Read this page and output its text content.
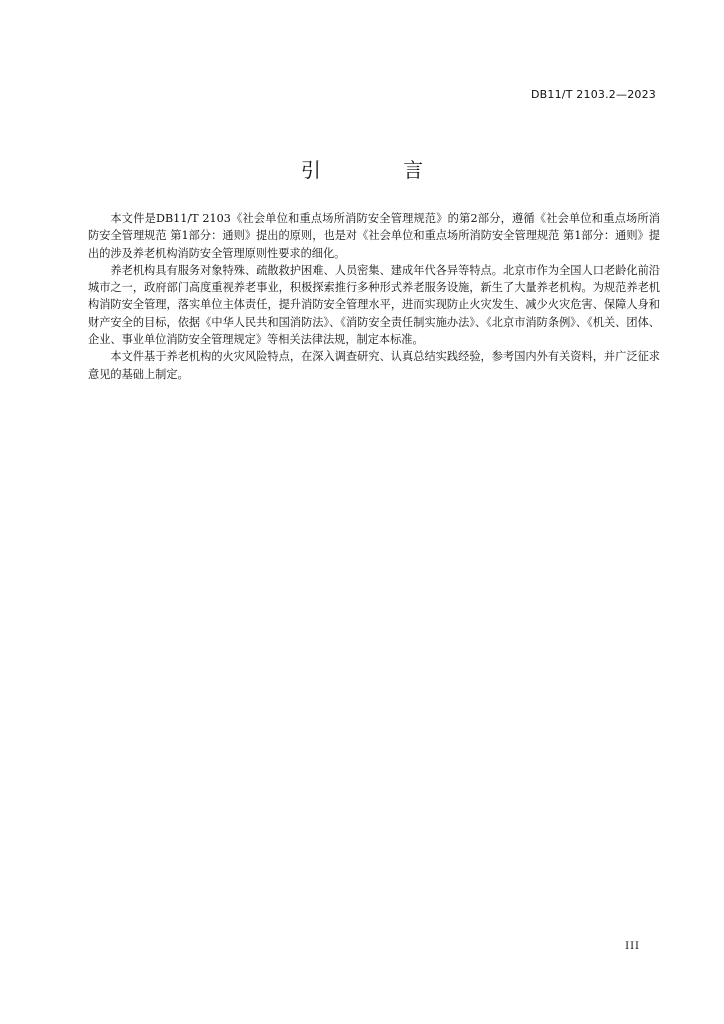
DB11/T 2103.2—2023
引 言

本文件是DB11/T 2103《社会单位和重点场所消防安全管理规范》的第2部分，遵循《社会单位和重点场所消防安全管理规范 第1部分：通则》提出的原则，也是对《社会单位和重点场所消防安全管理规范 第1部分：通则》提出的涉及养老机构消防安全管理原则性要求的细化。

养老机构具有服务对象特殊、疏散救护困难、人员密集、建成年代各异等特点。北京市作为全国人口老龄化前沿城市之一，政府部门高度重视养老事业，积极探索推行多种形式养老服务设施，新生了大量养老机构。为规范养老机构消防安全管理，落实单位主体责任，提升消防安全管理水平，进而实现防止火灾发生、减少火灾危害、保障人身和财产安全的目标，依据《中华人民共和国消防法》、《消防安全责任制实施办法》、《北京市消防条例》、《机关、团体、企业、事业单位消防安全管理规定》等相关法律法规，制定本标准。

本文件基于养老机构的火灾风险特点，在深入调查研究、认真总结实践经验，参考国内外有关资料，并广泛征求意见的基础上制定。

III
